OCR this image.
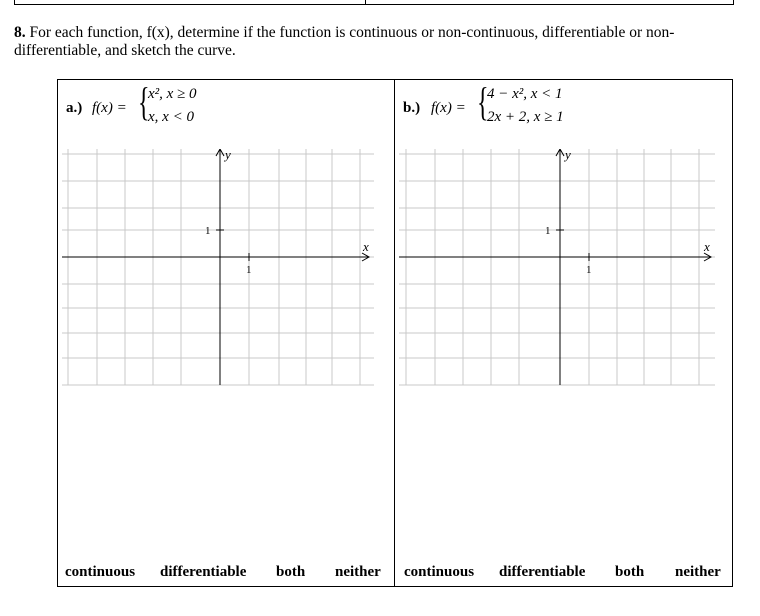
8. For each function, f(x), determine if the function is continuous or non-continuous, differentiable or non-differentiable, and sketch the curve.
a.) f(x) = {
x², x ≥ 0
x, x < 0
y
x
1
1
continuous differentiable both neither
b.) f(x) = {
4 − x², x < 1
2x + 2, x ≥ 1
y
x
1
1
continuous differentiable both neither
